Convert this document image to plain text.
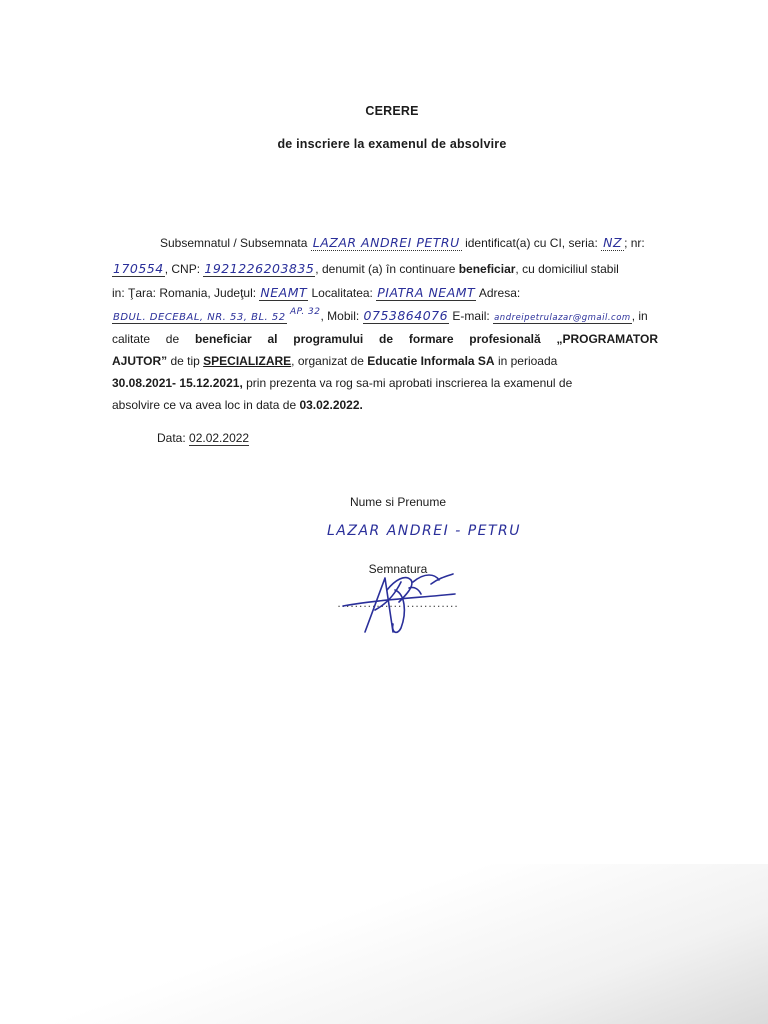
CERERE
de inscriere la examenul de absolvire
Subsemnatul / Subsemnata LAZAR ANDREI PETRU identificat(a) cu CI, seria: NZ ; nr:
170554, CNP: 1921226203835, denumit (a) în continuare beneficiar, cu domiciliul stabil
in: Ţara: Romania, Judeţul: NEAMT Localitatea: PIATRA NEAMT Adresa:
BDUL. DECEBAL, NR. 53, BL. 52 $^{AP. 32}$, Mobil: 0753864076 E-mail: andreipetrulazar@gmail.com, in
calitate de beneficiar al programului de formare profesională „PROGRAMATOR
AJUTOR” de tip SPECIALIZARE, organizat de Educatie Informala SA in perioada
30.08.2021- 15.12.2021, prin prezenta va rog sa-mi aprobati inscrierea la examenul de
absolvire ce va avea loc in data de 03.02.2022.
Data: 02.02.2022
Nume si Prenume
LAZAR ANDREI - PETRU
Semnatura
............................
